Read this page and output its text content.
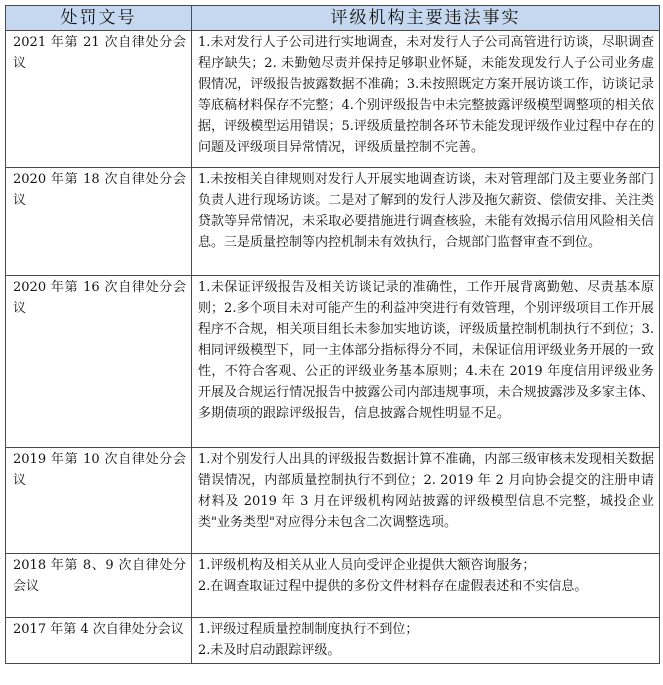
处罚文号	评级机构主要违法事实
2021 年第 21 次自律处分会议	1.未对发行人子公司进行实地调查，未对发行人子公司高管进行访谈，尽职调查程序缺失；2. 未勤勉尽责并保持足够职业怀疑，未能发现发行人子公司业务虚假情况，评级报告披露数据不准确；3.未按照既定方案开展访谈工作，访谈记录等底稿材料保存不完整；4.个别评级报告中未完整披露评级模型调整项的相关依据，评级模型运用错误；5.评级质量控制各环节未能发现评级作业过程中存在的问题及评级项目异常情况，评级质量控制不完善。

2020 年第 18 次自律处分会议	1.未按相关自律规则对发行人开展实地调查访谈，未对管理部门及主要业务部门负责人进行现场访谈。二是对了解到的发行人涉及拖欠薪资、偿债安排、关注类贷款等异常情况，未采取必要措施进行调查核验，未能有效揭示信用风险相关信息。三是质量控制等内控机制未有效执行，合规部门监督审查不到位。

2020 年第 16 次自律处分会议	1.未保证评级报告及相关访谈记录的准确性，工作开展背离勤勉、尽责基本原则；2.多个项目未对可能产生的利益冲突进行有效管理，个别评级项目工作开展程序不合规，相关项目组长未参加实地访谈，评级质量控制机制执行不到位；3.相同评级模型下，同一主体部分指标得分不同，未保证信用评级业务开展的一致性，不符合客观、公正的评级业务基本原则；4.未在 2019 年度信用评级业务开展及合规运行情况报告中披露公司内部违规事项，未合规披露涉及多家主体、多期债项的跟踪评级报告，信息披露合规性明显不足。

2019 年第 10 次自律处分会议	1.对个别发行人出具的评级报告数据计算不准确，内部三级审核未发现相关数据错误情况，内部质量控制执行不到位；2. 2019 年 2 月向协会提交的注册申请材料及 2019 年 3 月在评级机构网站披露的评级模型信息不完整，城投企业类"业务类型"对应得分未包含二次调整选项。

2018 年第 8、9 次自律处分会议	1.评级机构及相关从业人员向受评企业提供大额咨询服务；
2.在调查取证过程中提供的多份文件材料存在虚假表述和不实信息。

2017 年第 4 次自律处分会议	1.评级过程质量控制制度执行不到位；
2.未及时启动跟踪评级。
